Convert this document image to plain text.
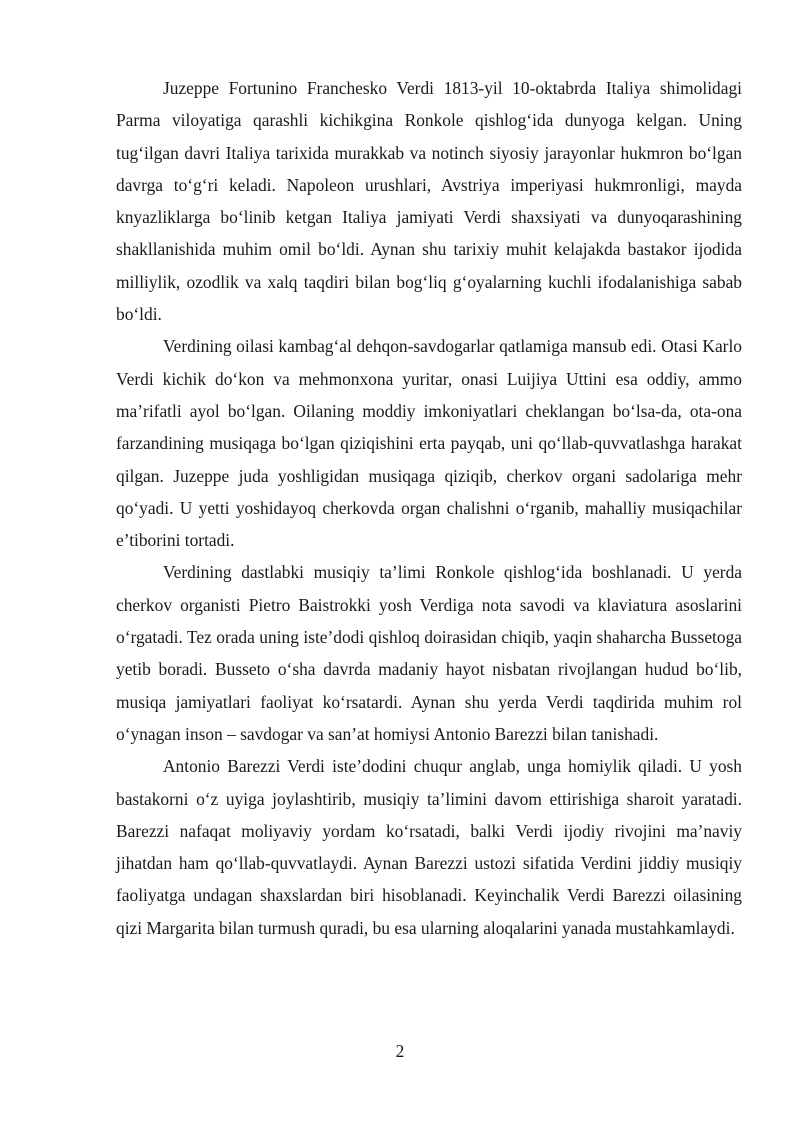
Juzeppe Fortunino Franchesko Verdi 1813-yil 10-oktabrda Italiya shimolidagi Parma viloyatiga qarashli kichikgina Ronkole qishlog‘ida dunyoga kelgan. Uning tug‘ilgan davri Italiya tarixida murakkab va notinch siyosiy jarayonlar hukmron bo‘lgan davrga to‘g‘ri keladi. Napoleon urushlari, Avstriya imperiyasi hukmronligi, mayda knyazliklarga bo‘linib ketgan Italiya jamiyati Verdi shaxsiyati va dunyoqarashining shakllanishida muhim omil bo‘ldi. Aynan shu tarixiy muhit kelajakda bastakor ijodida milliylik, ozodlik va xalq taqdiri bilan bog‘liq g‘oyalarning kuchli ifodalanishiga sabab bo‘ldi.

Verdining oilasi kambag‘al dehqon-savdogarlar qatlamiga mansub edi. Otasi Karlo Verdi kichik do‘kon va mehmonxona yuritar, onasi Luijiya Uttini esa oddiy, ammo ma’rifatli ayol bo‘lgan. Oilaning moddiy imkoniyatlari cheklangan bo‘lsa-da, ota-ona farzandining musiqaga bo‘lgan qiziqishini erta payqab, uni qo‘llab-quvvatlashga harakat qilgan. Juzeppe juda yoshligidan musiqaga qiziqib, cherkov organi sadolariga mehr qo‘yadi. U yetti yoshidayoq cherkovda organ chalishni o‘rganib, mahalliy musiqachilar e’tiborini tortadi.

Verdining dastlabki musiqiy ta’limi Ronkole qishlog‘ida boshlanadi. U yerda cherkov organisti Pietro Baistrokki yosh Verdiga nota savodi va klaviatura asoslarini o‘rgatadi. Tez orada uning iste’dodi qishloq doirasidan chiqib, yaqin shaharcha Bussetoga yetib boradi. Busseto o‘sha davrda madaniy hayot nisbatan rivojlangan hudud bo‘lib, musiqa jamiyatlari faoliyat ko‘rsatardi. Aynan shu yerda Verdi taqdirida muhim rol o‘ynagan inson – savdogar va san’at homiysi Antonio Barezzi bilan tanishadi.

Antonio Barezzi Verdi iste’dodini chuqur anglab, unga homiylik qiladi. U yosh bastakorni o‘z uyiga joylashtirib, musiqiy ta’limini davom ettirishiga sharoit yaratadi. Barezzi nafaqat moliyaviy yordam ko‘rsatadi, balki Verdi ijodiy rivojini ma’naviy jihatdan ham qo‘llab-quvvatlaydi. Aynan Barezzi ustozi sifatida Verdini jiddiy musiqiy faoliyatga undagan shaxslardan biri hisoblanadi. Keyinchalik Verdi Barezzi oilasining qizi Margarita bilan turmush quradi, bu esa ularning aloqalarini yanada mustahkamlaydi.

2
